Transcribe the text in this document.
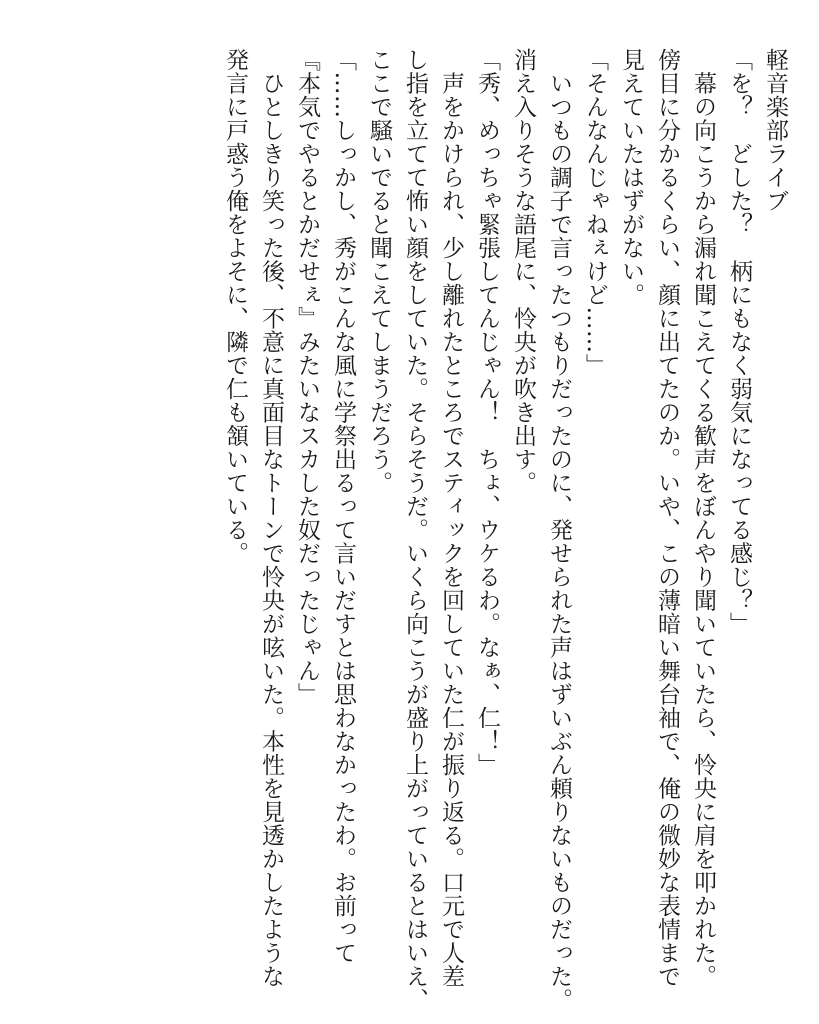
軽音楽部ライブ
「を？　どした？　柄にもなく弱気になってる感じ？」
　幕の向こうから漏れ聞こえてくる歓声をぼんやり聞いていたら、怜央に肩を叩かれた。
傍目に分かるくらい、顔に出てたのか。いや、この薄暗い舞台袖で、俺の微妙な表情まで
見えていたはずがない。
「そんなんじゃねぇけど……」
　いつもの調子で言ったつもりだったのに、発せられた声はずいぶん頼りないものだった。
消え入りそうな語尾に、怜央が吹き出す。
「秀、めっちゃ緊張してんじゃん！　ちょ、ウケるわ。なぁ、仁！」
　声をかけられ、少し離れたところでスティックを回していた仁が振り返る。口元で人差
し指を立てて怖い顔をしていた。そらそうだ。いくら向こうが盛り上がっているとはいえ、
ここで騒いでると聞こえてしまうだろう。
「……しっかし、秀がこんな風に学祭出るって言いだすとは思わなかったわ。お前って
『本気でやるとかだせぇ』みたいなスカした奴だったじゃん」
　ひとしきり笑った後、不意に真面目なトーンで怜央が呟いた。本性を見透かしたような
発言に戸惑う俺をよそに、隣で仁も頷いている。
